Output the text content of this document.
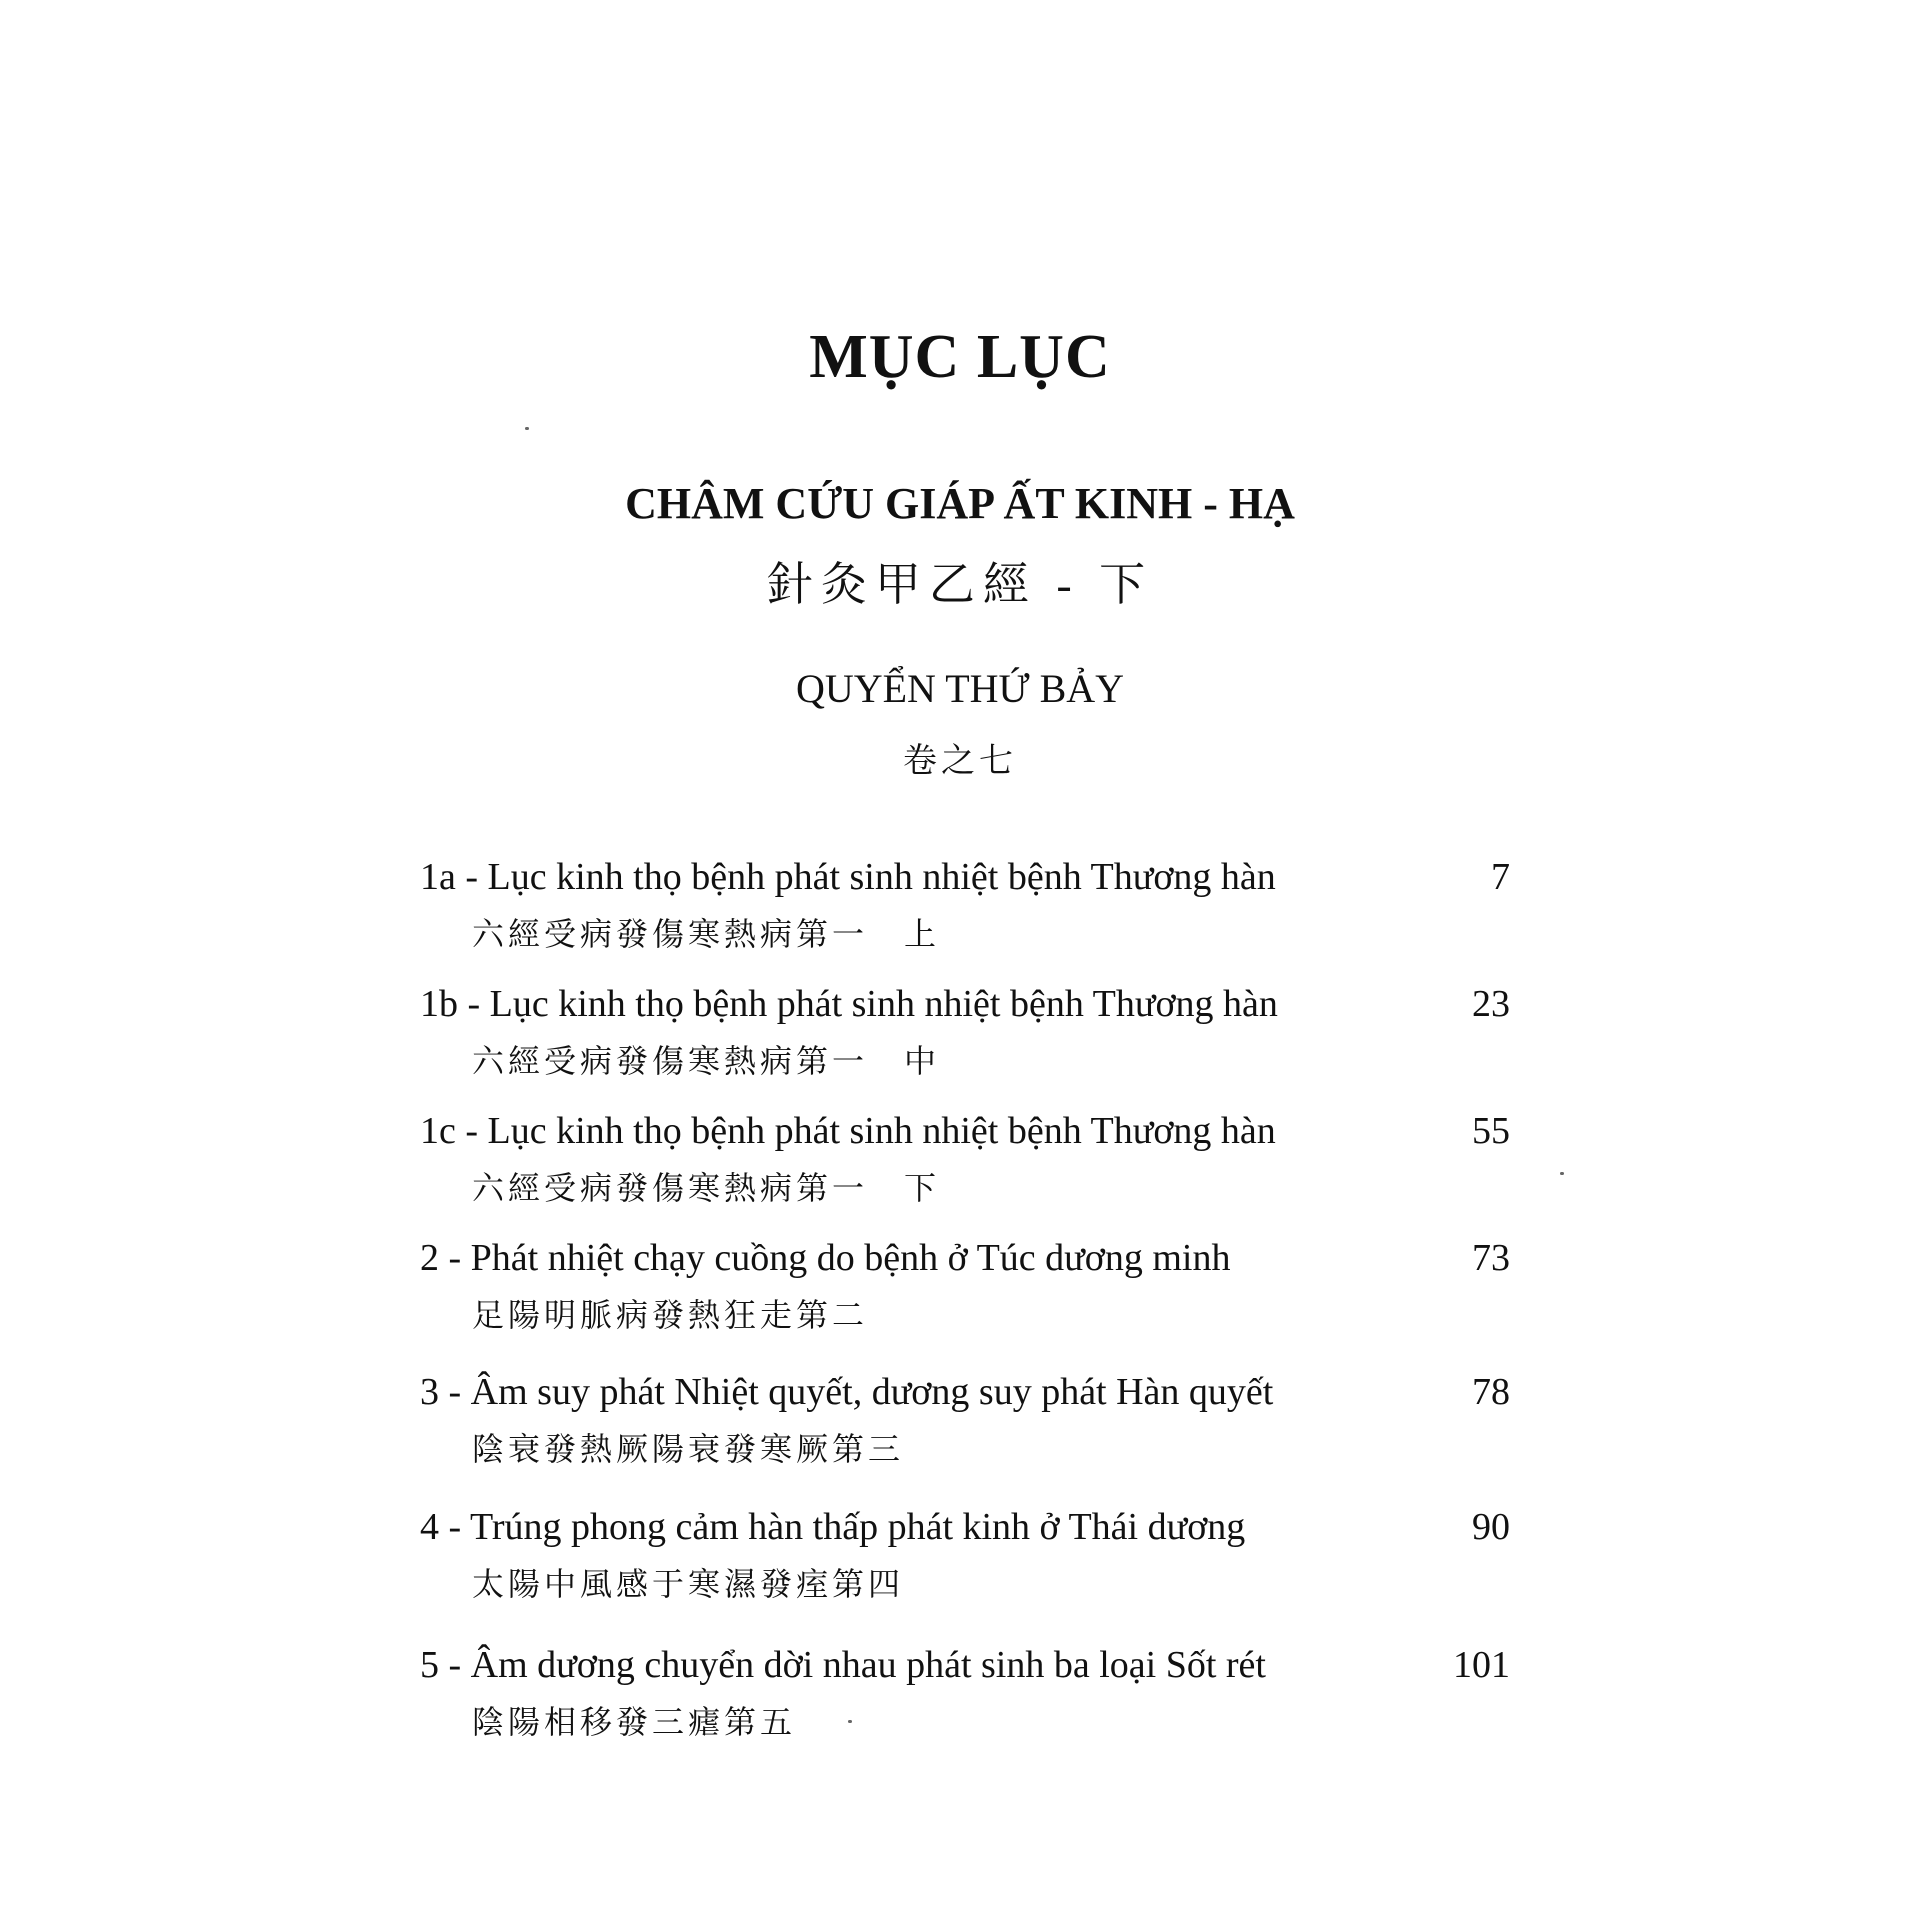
MỤC LỤC
CHÂM CỨU GIÁP ẤT KINH - HẠ
針灸甲乙經 - 下
QUYỂN THỨ BẢY
卷之七
1a - Lục kinh thọ bệnh phát sinh nhiệt bệnh Thương hàn	7
六經受病發傷寒熱病第一　上
1b - Lục kinh thọ bệnh phát sinh nhiệt bệnh Thương hàn	23
六經受病發傷寒熱病第一　中
1c - Lục kinh thọ bệnh phát sinh nhiệt bệnh Thương hàn	55
六經受病發傷寒熱病第一　下
2 - Phát nhiệt chạy cuồng do bệnh ở Túc dương minh	73
足陽明脈病發熱狂走第二
3 - Âm suy phát Nhiệt quyết, dương suy phát Hàn quyết	78
陰衰發熱厥陽衰發寒厥第三
4 - Trúng phong cảm hàn thấp phát kinh ở Thái dương	90
太陽中風感于寒濕發痓第四
5 - Âm dương chuyển dời nhau phát sinh ba loại Sốt rét	101
陰陽相移發三瘧第五
